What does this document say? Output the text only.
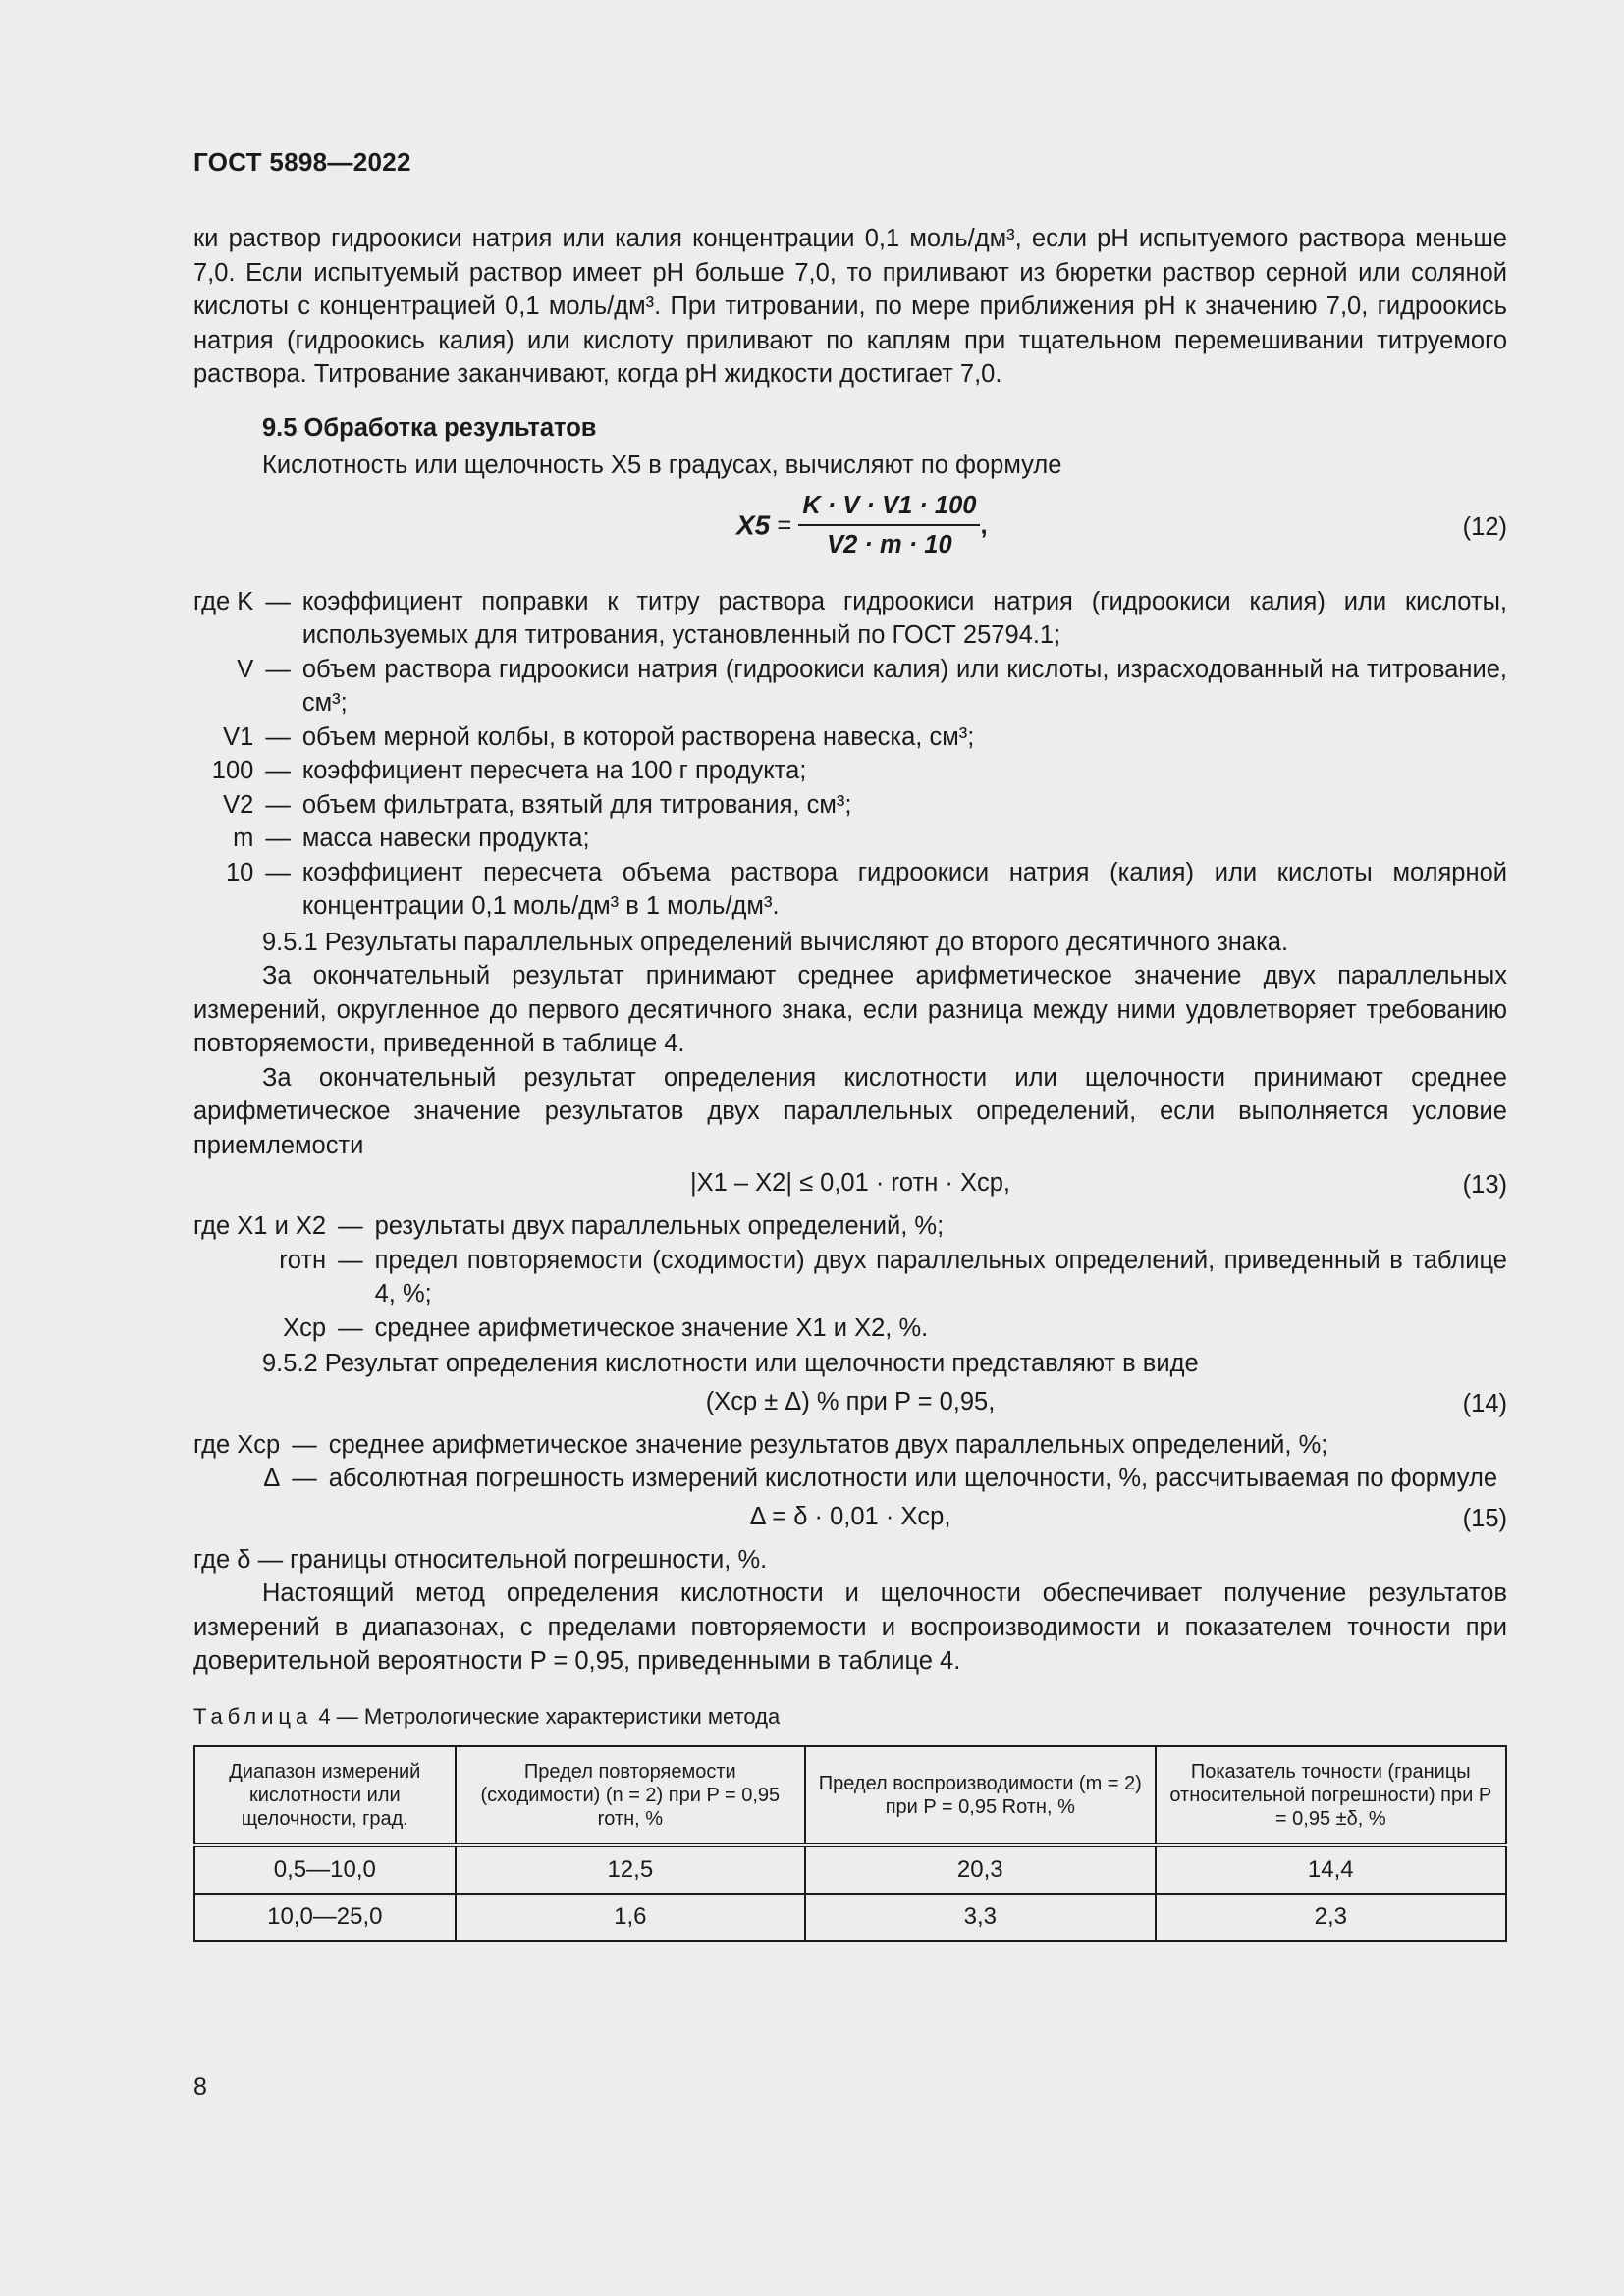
ГОСТ 5898—2022

ки раствор гидроокиси натрия или калия концентрации 0,1 моль/дм³, если рН испытуемого раствора меньше 7,0. Если испытуемый раствор имеет рН больше 7,0, то приливают из бюретки раствор серной или соляной кислоты с концентрацией 0,1 моль/дм³. При титровании, по мере приближения рН к значению 7,0, гидроокись натрия (гидроокись калия) или кислоту приливают по каплям при тщательном перемешивании титруемого раствора. Титрование заканчивают, когда рН жидкости достигает 7,0.

9.5 Обработка результатов

Кислотность или щелочность X5 в градусах, вычисляют по формуле

$X5 = \frac{K \cdot V \cdot V1 \cdot 100}{V2 \cdot m \cdot 10}$ ,	(12)
где K	—	коэффициент поправки к титру раствора гидроокиси натрия (гидроокиси калия) или кислоты, используемых для титрования, установленный по ГОСТ 25794.1;
V	—	объем раствора гидроокиси натрия (гидроокиси калия) или кислоты, израсходованный на титрование, см³;
V1	—	объем мерной колбы, в которой растворена навеска, см³;
100	—	коэффициент пересчета на 100 г продукта;
V2	—	объем фильтрата, взятый для титрования, см³;
m	—	масса навески продукта;
10	—	коэффициент пересчета объема раствора гидроокиси натрия (калия) или кислоты молярной концентрации 0,1 моль/дм³ в 1 моль/дм³.

9.5.1 Результаты параллельных определений вычисляют до второго десятичного знака.

За окончательный результат принимают среднее арифметическое значение двух параллельных измерений, округленное до первого десятичного знака, если разница между ними удовлетворяет требованию повторяемости, приведенной в таблице 4.

За окончательный результат определения кислотности или щелочности принимают среднее арифметическое значение результатов двух параллельных определений, если выполняется условие приемлемости

|X1 – X2| ≤ 0,01 · rотн · Xср,	(13)
где X1 и X2	—	результаты двух параллельных определений, %;
rотн	—	предел повторяемости (сходимости) двух параллельных определений, приведенный в таблице 4, %;
Xср	—	среднее арифметическое значение X1 и X2, %.

9.5.2 Результат определения кислотности или щелочности представляют в виде

(Xср ± Δ) % при P = 0,95,	(14)
где Xср	—	среднее арифметическое значение результатов двух параллельных определений, %;
Δ	—	абсолютная погрешность измерений кислотности или щелочности, %, рассчитываемая по формуле
Δ = δ · 0,01 · Xср,	(15)

где δ — границы относительной погрешности, %.

Настоящий метод определения кислотности и щелочности обеспечивает получение результатов измерений в диапазонах, с пределами повторяемости и воспроизводимости и показателем точности при доверительной вероятности P = 0,95, приведенными в таблице 4.

Таблица 4 — Метрологические характеристики метода
Диапазон измерений кислотности или щелочности, град.	Предел повторяемости (сходимости) (n = 2) при P = 0,95 rотн, %	Предел воспроизводимости (m = 2) при P = 0,95 Rотн, %	Показатель точности (границы относительной погрешности) при P = 0,95 ±δ, %
0,5—10,0	12,5	20,3	14,4
10,0—25,0	1,6	3,3	2,3
8
